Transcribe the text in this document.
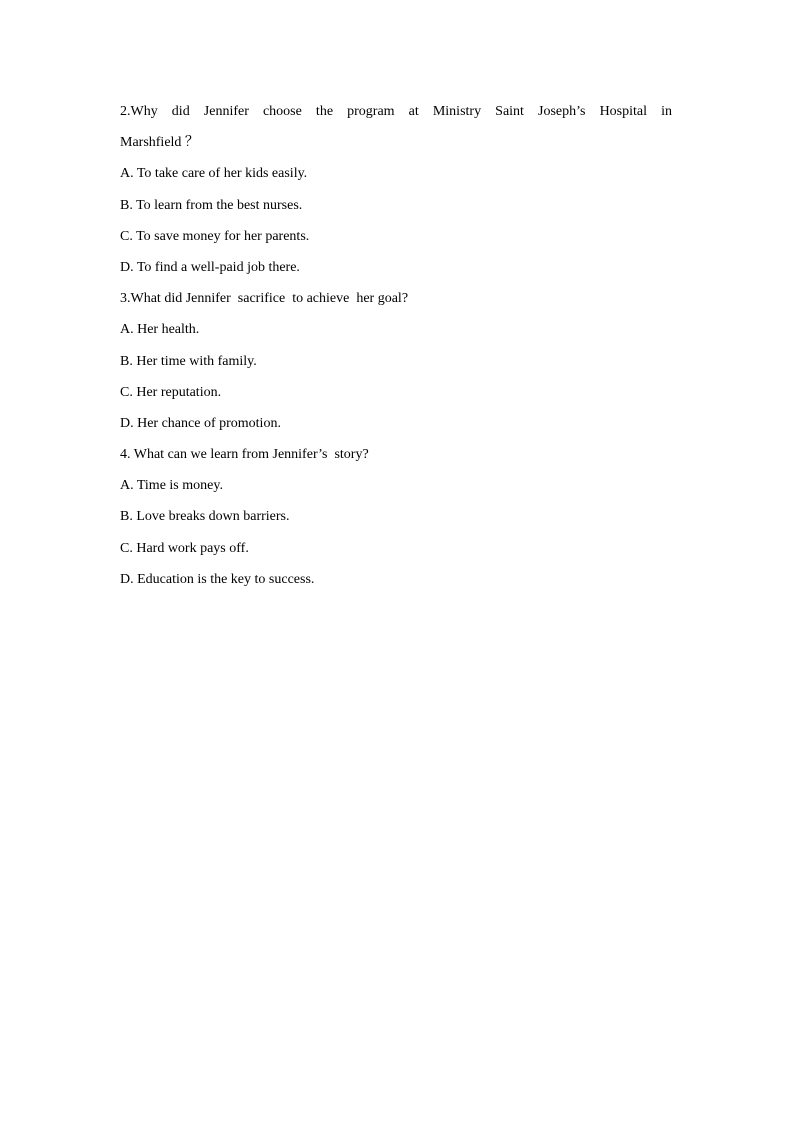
2.Why did Jennifer choose the program at Ministry Saint Joseph’s Hospital in
Marshfield ？
A. To take care of her kids easily.
B. To learn from the best nurses.
C. To save money for her parents.
D. To find a well-paid job there.
3.What did Jennifer  sacrifice  to achieve  her goal?
A. Her health.
B. Her time with family.
C. Her reputation.
D. Her chance of promotion.
4. What can we learn from Jennifer’s  story?
A. Time is money.
B. Love breaks down barriers.
C. Hard work pays off.
D. Education is the key to success.
